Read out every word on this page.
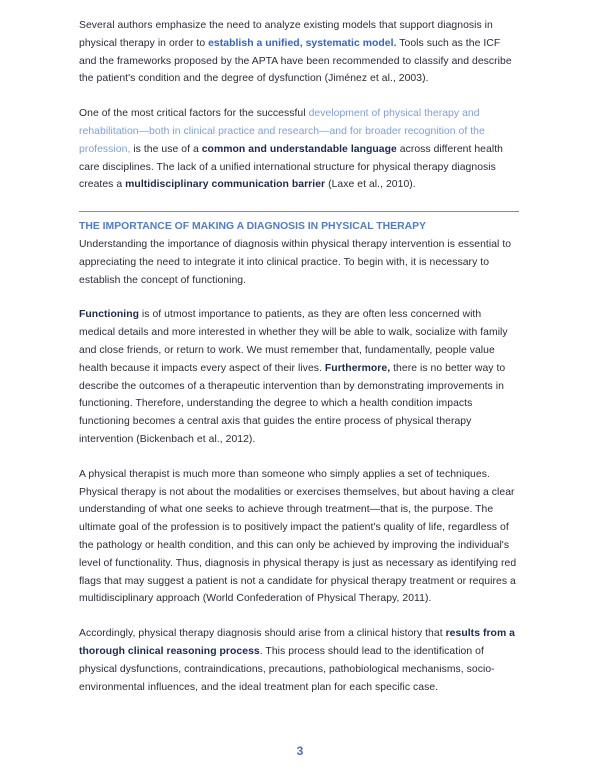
Several authors emphasize the need to analyze existing models that support diagnosis in physical therapy in order to establish a unified, systematic model. Tools such as the ICF and the frameworks proposed by the APTA have been recommended to classify and describe the patient's condition and the degree of dysfunction (Jiménez et al., 2003).

One of the most critical factors for the successful development of physical therapy and rehabilitation—both in clinical practice and research—and for broader recognition of the profession, is the use of a common and understandable language across different health care disciplines. The lack of a unified international structure for physical therapy diagnosis creates a multidisciplinary communication barrier (Laxe et al., 2010).

THE IMPORTANCE OF MAKING A DIAGNOSIS IN PHYSICAL THERAPY

Understanding the importance of diagnosis within physical therapy intervention is essential to appreciating the need to integrate it into clinical practice. To begin with, it is necessary to establish the concept of functioning.

Functioning is of utmost importance to patients, as they are often less concerned with medical details and more interested in whether they will be able to walk, socialize with family and close friends, or return to work. We must remember that, fundamentally, people value health because it impacts every aspect of their lives. Furthermore, there is no better way to describe the outcomes of a therapeutic intervention than by demonstrating improvements in functioning. Therefore, understanding the degree to which a health condition impacts functioning becomes a central axis that guides the entire process of physical therapy intervention (Bickenbach et al., 2012).

A physical therapist is much more than someone who simply applies a set of techniques. Physical therapy is not about the modalities or exercises themselves, but about having a clear understanding of what one seeks to achieve through treatment—that is, the purpose. The ultimate goal of the profession is to positively impact the patient's quality of life, regardless of the pathology or health condition, and this can only be achieved by improving the individual's level of functionality. Thus, diagnosis in physical therapy is just as necessary as identifying red flags that may suggest a patient is not a candidate for physical therapy treatment or requires a multidisciplinary approach (World Confederation of Physical Therapy, 2011).

Accordingly, physical therapy diagnosis should arise from a clinical history that results from a thorough clinical reasoning process. This process should lead to the identification of physical dysfunctions, contraindications, precautions, pathobiological mechanisms, socio-environmental influences, and the ideal treatment plan for each specific case.

3
